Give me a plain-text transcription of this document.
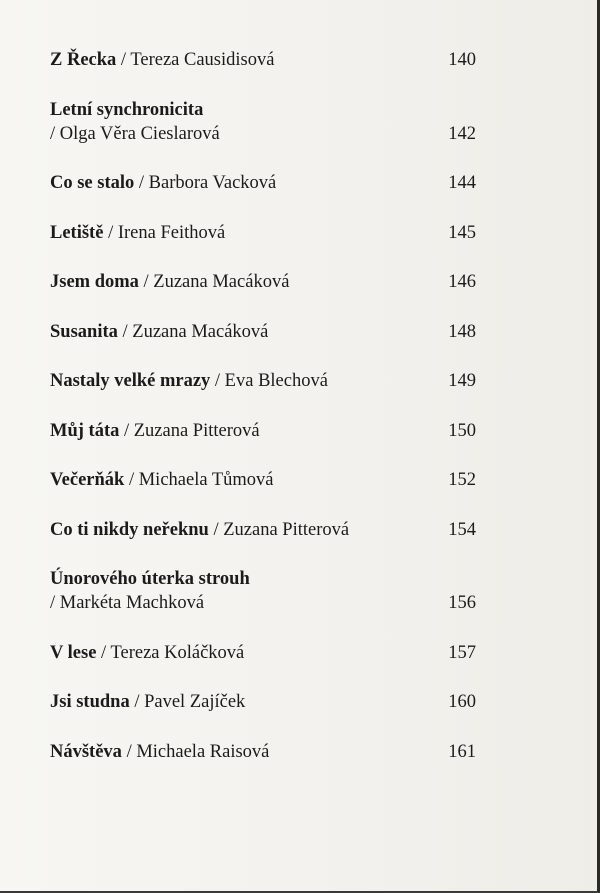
Z Řecka / Tereza Causidisová	140
Letní synchronicita
/ Olga Věra Cieslarová	142
Co se stalo / Barbora Vacková	144
Letiště / Irena Feithová	145
Jsem doma / Zuzana Macáková	146
Susanita / Zuzana Macáková	148
Nastaly velké mrazy / Eva Blechová	149
Můj táta / Zuzana Pitterová	150
Večerňák / Michaela Tůmová	152
Co ti nikdy neřeknu / Zuzana Pitterová	154
Únorového úterka strouh
/ Markéta Machková	156
V lese / Tereza Koláčková	157
Jsi studna / Pavel Zajíček	160
Návštěva / Michaela Raisová	161
